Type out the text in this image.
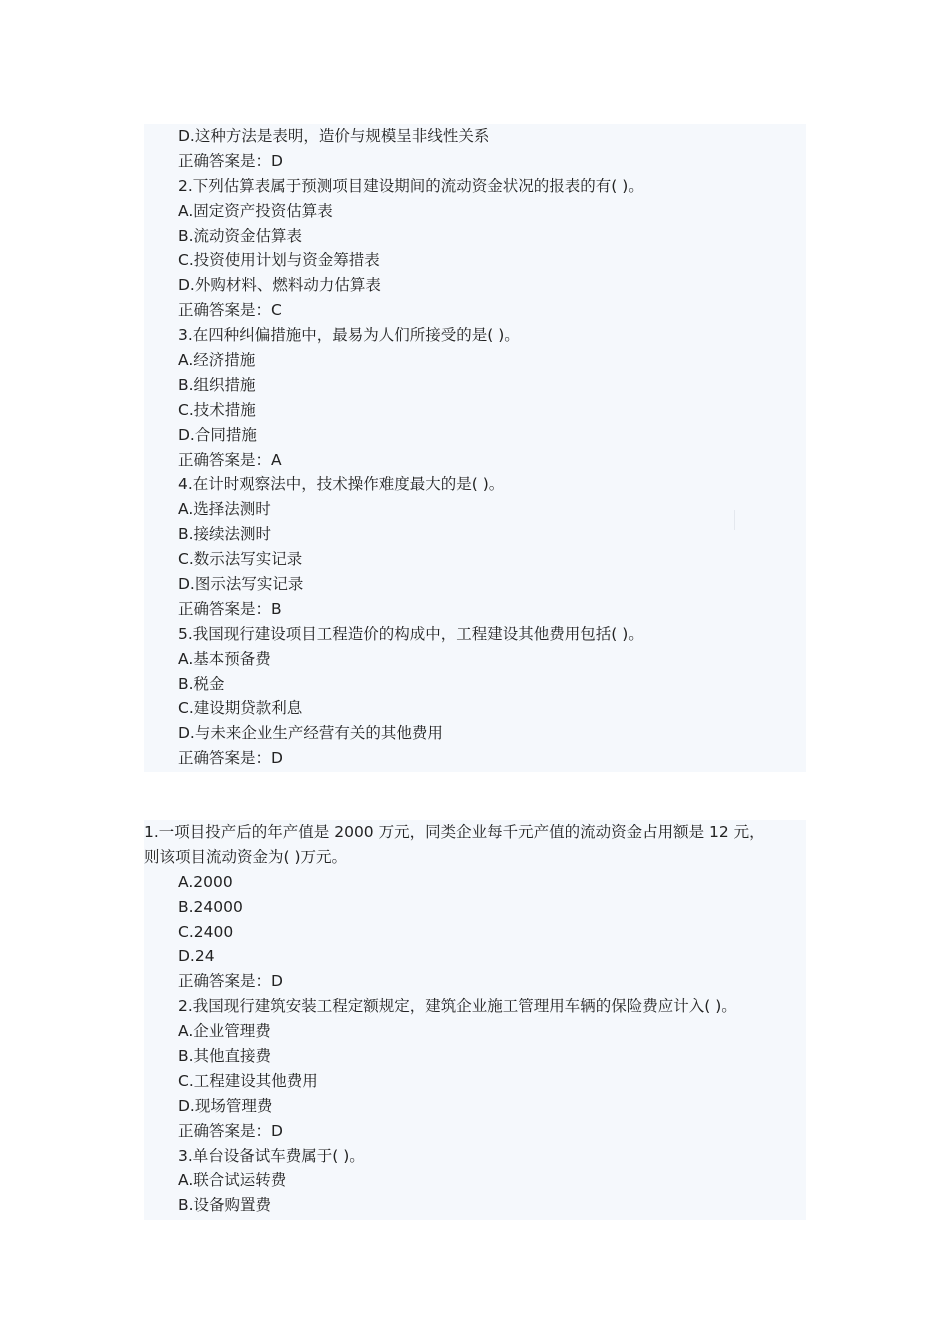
D.这种方法是表明，造价与规模呈非线性关系
正确答案是：D
2.下列估算表属于预测项目建设期间的流动资金状况的报表的有( )。
A.固定资产投资估算表
B.流动资金估算表
C.投资使用计划与资金筹措表
D.外购材料、燃料动力估算表
正确答案是：C
3.在四种纠偏措施中，最易为人们所接受的是( )。
A.经济措施
B.组织措施
C.技术措施
D.合同措施
正确答案是：A
4.在计时观察法中，技术操作难度最大的是( )。
A.选择法测时
B.接续法测时
C.数示法写实记录
D.图示法写实记录
正确答案是：B
5.我国现行建设项目工程造价的构成中，工程建设其他费用包括( )。
A.基本预备费
B.税金
C.建设期贷款利息
D.与未来企业生产经营有关的其他费用
正确答案是：D
1.一项目投产后的年产值是 2000 万元，同类企业每千元产值的流动资金占用额是 12 元，
则该项目流动资金为( )万元。
A.2000
B.24000
C.2400
D.24
正确答案是：D
2.我国现行建筑安装工程定额规定，建筑企业施工管理用车辆的保险费应计入( )。
A.企业管理费
B.其他直接费
C.工程建设其他费用
D.现场管理费
正确答案是：D
3.单台设备试车费属于( )。
A.联合试运转费
B.设备购置费
